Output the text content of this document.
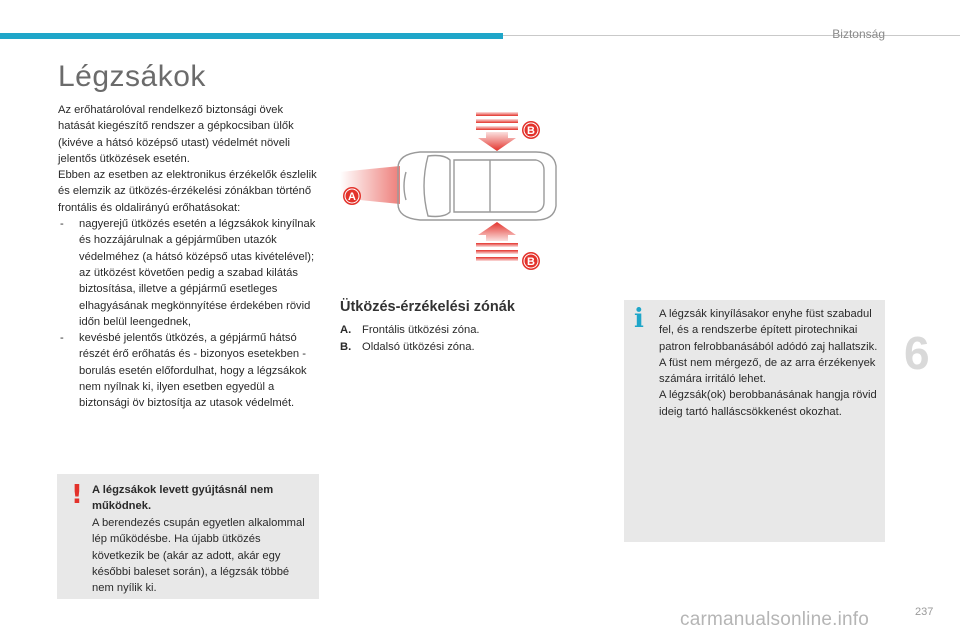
Biztonság
Légzsákok

Az erőhatárolóval rendelkező biztonsági övek hatását kiegészítő rendszer a gépkocsiban ülők (kivéve a hátsó középső utast) védelmét növeli jelentős ütközések esetén.

Ebben az esetben az elektronikus érzékelők észlelik és elemzik az ütközés-érzékelési zónákban történő frontális és oldalirányú erőhatásokat:

- nagyerejű ütközés esetén a légzsákok kinyílnak és hozzájárulnak a gépjárműben utazók védelméhez (a hátsó középső utas kivételével); az ütközést követően pedig a szabad kilátás biztosítása, illetve a gépjármű esetleges elhagyásának megkönnyítése érdekében rövid időn belül leengednek,
- kevésbé jelentős ütközés, a gépjármű hátsó részét érő erőhatás és - bizonyos esetekben - borulás esetén előfordulhat, hogy a légzsákok nem nyílnak ki, ilyen esetben egyedül a biztonsági öv biztosítja az utasok védelmét.
! A légzsákok levett gyújtásnál nem működnek.
A berendezés csupán egyetlen alkalommal lép működésbe. Ha újabb ütközés következik be (akár az adott, akár egy későbbi baleset során), a légzsák többé nem nyílik ki.
A
B
B
Ütközés-érzékelési zónák
A. Frontális ütközési zóna.
B. Oldalsó ütközési zóna.
i A légzsák kinyílásakor enyhe füst szabadul fel, és a rendszerbe épített pirotechnikai patron felrobbanásából adódó zaj hallatszik.
A füst nem mérgező, de az arra érzékenyek számára irritáló lehet.
A légzsák(ok) berobbanásának hangja rövid ideig tartó halláscsökkenést okozhat.
6
237
carmanualsonline.info
